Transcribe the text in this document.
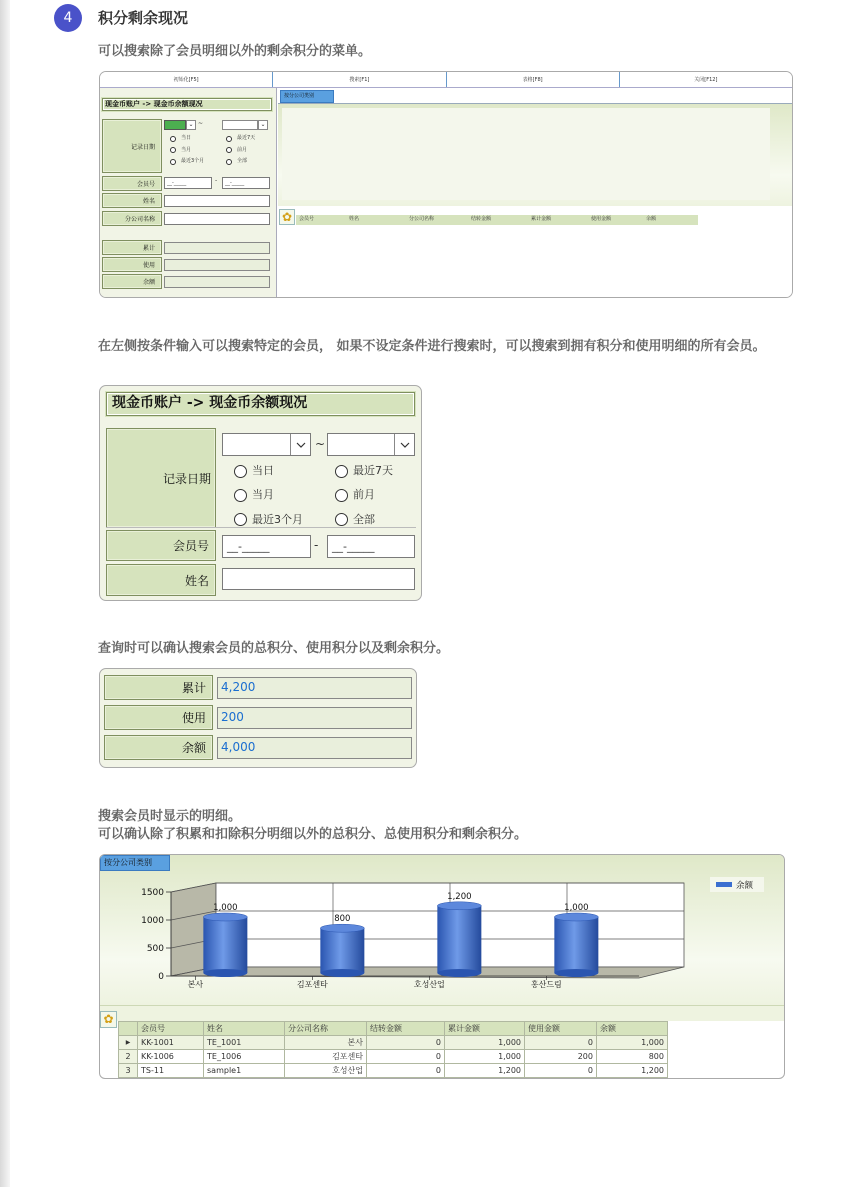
4	积分剩余现况
可以搜索除了会员明细以外的剩余积分的菜单。
初始化[F5]	搜索[F1]	表格[F8]	关闭[F12]
现金币账户 -> 现金币余额现况
记录日期
⌄ ~	⌄
当日
当月
最近3个月
最近7天
前月
全部
会员号	__-_____	-	__-_____
姓名
分公司名称
累计
使用
余额
按分公司类别
✿	会员号	姓名	分公司名称	结转金额	累计金额	使用金额	余额
在左侧按条件输入可以搜索特定的会员， 如果不设定条件进行搜索时，可以搜索到拥有积分和使用明细的所有会员。
现金币账户 -> 现金币余额现况
记录日期
~
当日
当月
最近3个月
最近7天
前月
全部
会员号	__-_____	-	__-_____
姓名
查询时可以确认搜索会员的总积分、使用积分以及剩余积分。
累计	4,200
使用	200
余额	4,000
搜索会员时显示的明细。
可以确认除了积累和扣除积分明细以外的总积分、总使用积分和剩余积分。
按分公司类别
0
500
1000
1500
1,000
본사
800
김포센타
1,200
호성산업
1,000
홍산드림
余额
✿
	会员号	姓名	分公司名称	结转金额	累计金额	使用金额	余额
▶	KK-1001	TE_1001	본사	0	1,000	0	1,000
2	KK-1006	TE_1006	김포센타	0	1,000	200	800
3	TS-11	sample1	호성산업	0	1,200	0	1,200
